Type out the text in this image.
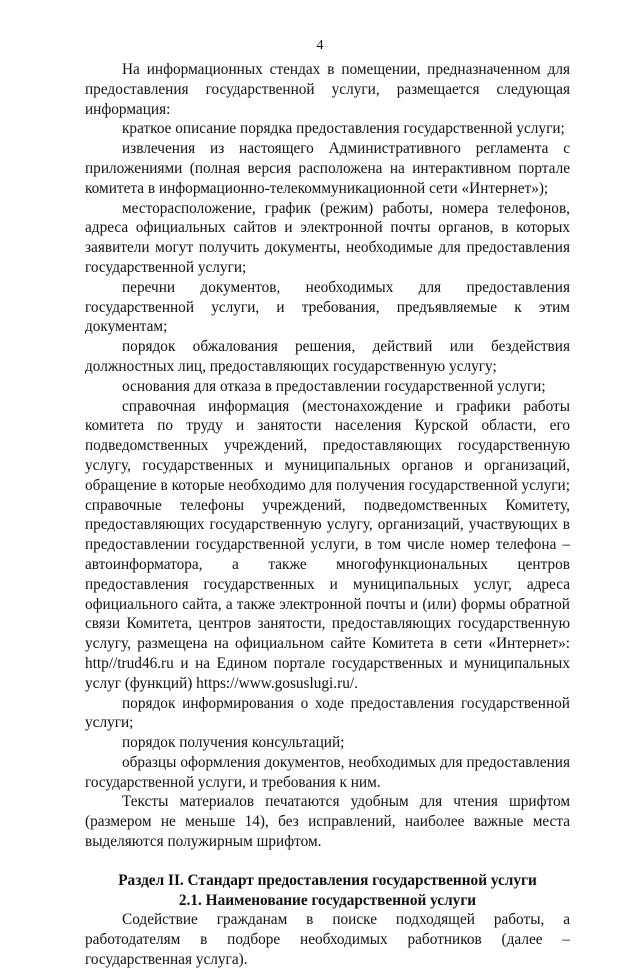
4

На информационных стендах в помещении, предназначенном для предоставления государственной услуги, размещается следующая информация:

краткое описание порядка предоставления государственной услуги;

извлечения из настоящего Административного регламента с приложениями (полная версия расположена на интерактивном портале комитета в информационно-телекоммуникационной сети «Интернет»);

месторасположение, график (режим) работы, номера телефонов, адреса официальных сайтов и электронной почты органов, в которых заявители могут получить документы, необходимые для предоставления государственной услуги;

перечни документов, необходимых для предоставления государственной услуги, и требования, предъявляемые к этим документам;

порядок обжалования решения, действий или бездействия должностных лиц, предоставляющих государственную услугу;

основания для отказа в предоставлении государственной услуги;

справочная информация (местонахождение и графики работы комитета по труду и занятости населения Курской области, его подведомственных учреждений, предоставляющих государственную услугу, государственных и муниципальных органов и организаций, обращение в которые необходимо для получения государственной услуги; справочные телефоны учреждений, подведомственных Комитету, предоставляющих государственную услугу, организаций, участвующих в предоставлении государственной услуги, в том числе номер телефона – автоинформатора, а также многофункциональных центров предоставления государственных и муниципальных услуг, адреса официального сайта, а также электронной почты и (или) формы обратной связи Комитета, центров занятости, предоставляющих государственную услугу, размещена на официальном сайте Комитета в сети «Интернет»: http//trud46.ru и на Едином портале государственных и муниципальных услуг (функций) https://www.gosuslugi.ru/.

порядок информирования о ходе предоставления государственной услуги;

порядок получения консультаций;

образцы оформления документов, необходимых для предоставления государственной услуги, и требования к ним.

Тексты материалов печатаются удобным для чтения шрифтом (размером не меньше 14), без исправлений, наиболее важные места выделяются полужирным шрифтом.

Раздел II. Стандарт предоставления государственной услуги

2.1. Наименование государственной услуги

Содействие гражданам в поиске подходящей работы, а работодателям в подборе необходимых работников (далее – государственная услуга).
